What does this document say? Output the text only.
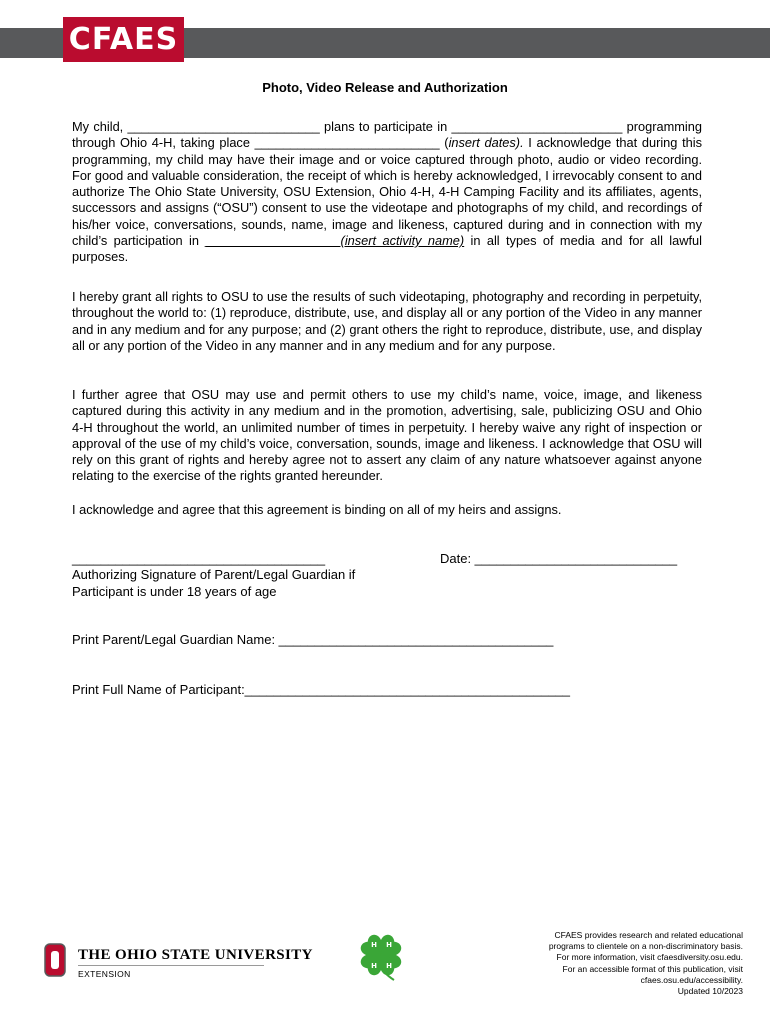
COLLEGE of FOOD, AGRICULTURAL, and ENVIRONMENTAL SCIENCES
CFAES
Photo, Video Release and Authorization
My child, ___________________________ plans to participate in ________________________ programming through Ohio 4-H, taking place __________________________ (insert dates). I acknowledge that during this programming, my child may have their image and or voice captured through photo, audio or video recording. For good and valuable consideration, the receipt of which is hereby acknowledged, I irrevocably consent to and authorize The Ohio State University, OSU Extension, Ohio 4-H, 4-H Camping Facility and its affiliates, agents, successors and assigns (“OSU”) consent to use the videotape and photographs of my child, and recordings of his/her voice, conversations, sounds, name, image and likeness, captured during and in connection with my child’s participation in ___________________(insert activity name) in all types of media and for all lawful purposes.
I hereby grant all rights to OSU to use the results of such videotaping, photography and recording in perpetuity, throughout the world to: (1) reproduce, distribute, use, and display all or any portion of the Video in any manner and in any medium and for any purpose; and (2) grant others the right to reproduce, distribute, use, and display all or any portion of the Video in any manner and in any medium and for any purpose.
I further agree that OSU may use and permit others to use my child’s name, voice, image, and likeness captured during this activity in any medium and in the promotion, advertising, sale, publicizing OSU and Ohio 4-H throughout the world, an unlimited number of times in perpetuity. I hereby waive any right of inspection or approval of the use of my child’s voice, conversation, sounds, image and likeness. I acknowledge that OSU will rely on this grant of rights and hereby agree not to assert any claim of any nature whatsoever against anyone relating to the exercise of the rights granted hereunder.
I acknowledge and agree that this agreement is binding on all of my heirs and assigns.
___________________________________
Authorizing Signature of Parent/Legal Guardian if
Participant is under 18 years of age
Date: ____________________________
Print Parent/Legal Guardian Name: ______________________________________
Print Full Name of Participant:_____________________________________________
THE OHIO STATE UNIVERSITY
EXTENSION
H H
H H
CFAES provides research and related educational
programs to clientele on a non-discriminatory basis.
For more information, visit cfaesdiversity.osu.edu.
For an accessible format of this publication, visit
cfaes.osu.edu/accessibility.
Updated 10/2023
